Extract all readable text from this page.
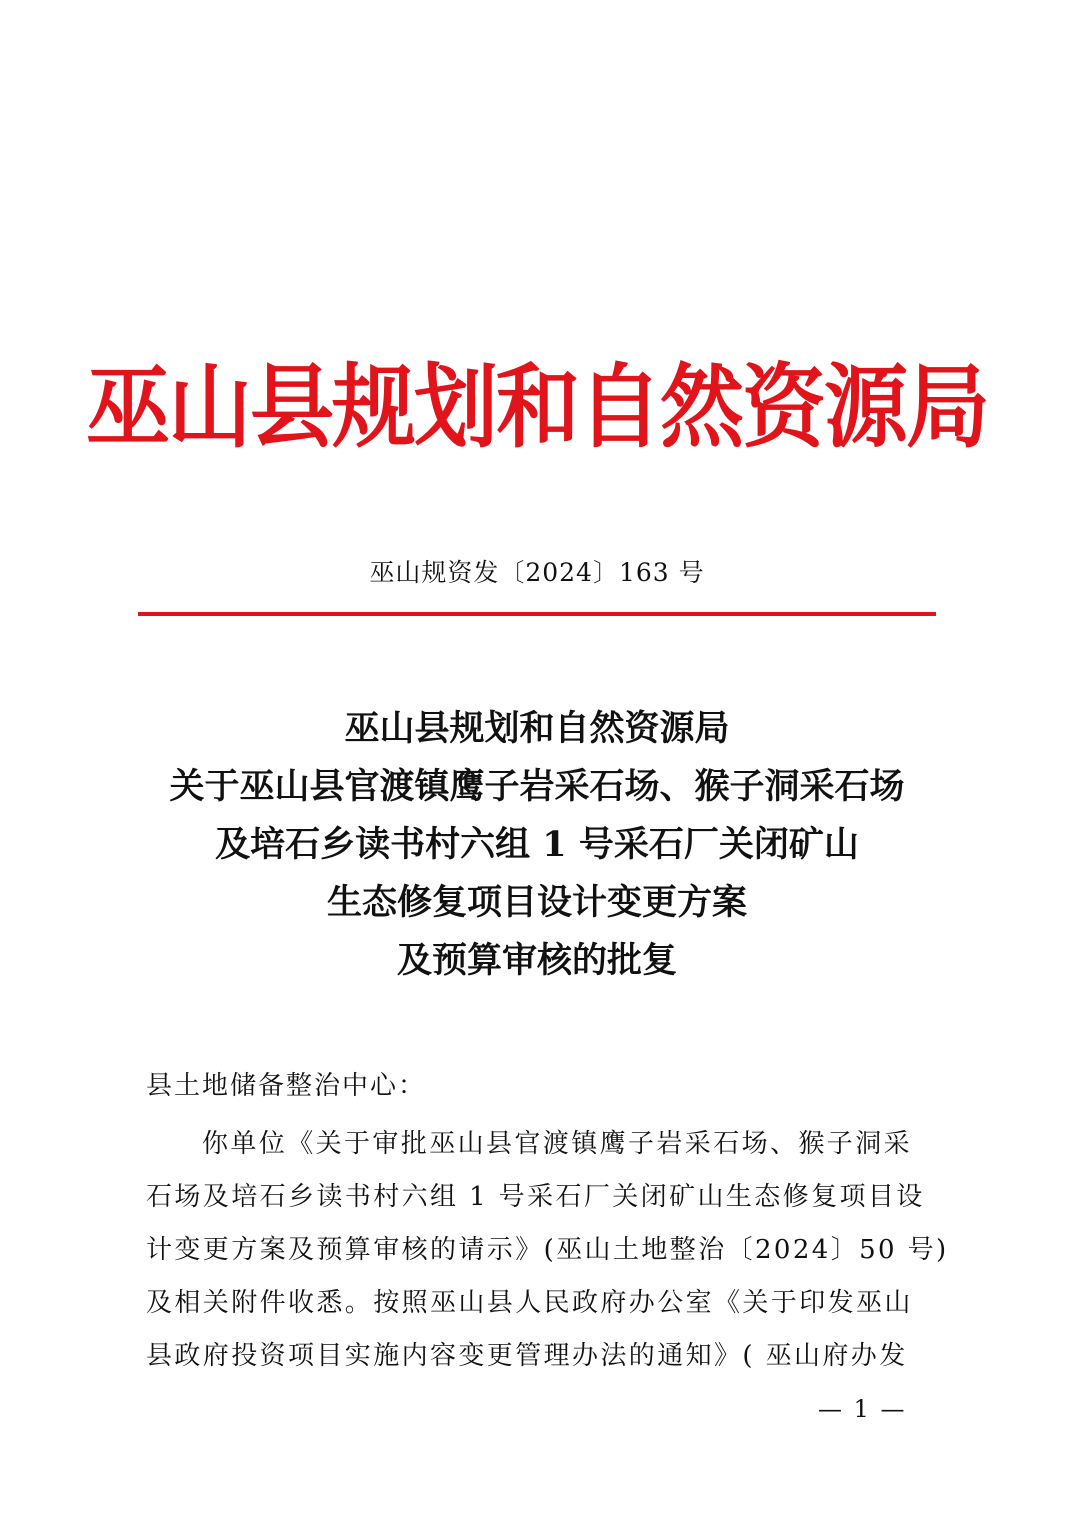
巫山县规划和自然资源局
巫山规资发〔2024〕163 号
巫山县规划和自然资源局
关于巫山县官渡镇鹰子岩采石场、猴子洞采石场
及培石乡读书村六组 1 号采石厂关闭矿山
生态修复项目设计变更方案
及预算审核的批复
县土地储备整治中心：
你单位《关于审批巫山县官渡镇鹰子岩采石场、猴子洞采
石场及培石乡读书村六组 1 号采石厂关闭矿山生态修复项目设
计变更方案及预算审核的请示》(巫山土地整治〔2024〕50 号)
及相关附件收悉。按照巫山县人民政府办公室《关于印发巫山
县政府投资项目实施内容变更管理办法的通知》( 巫山府办发
— 1 —
